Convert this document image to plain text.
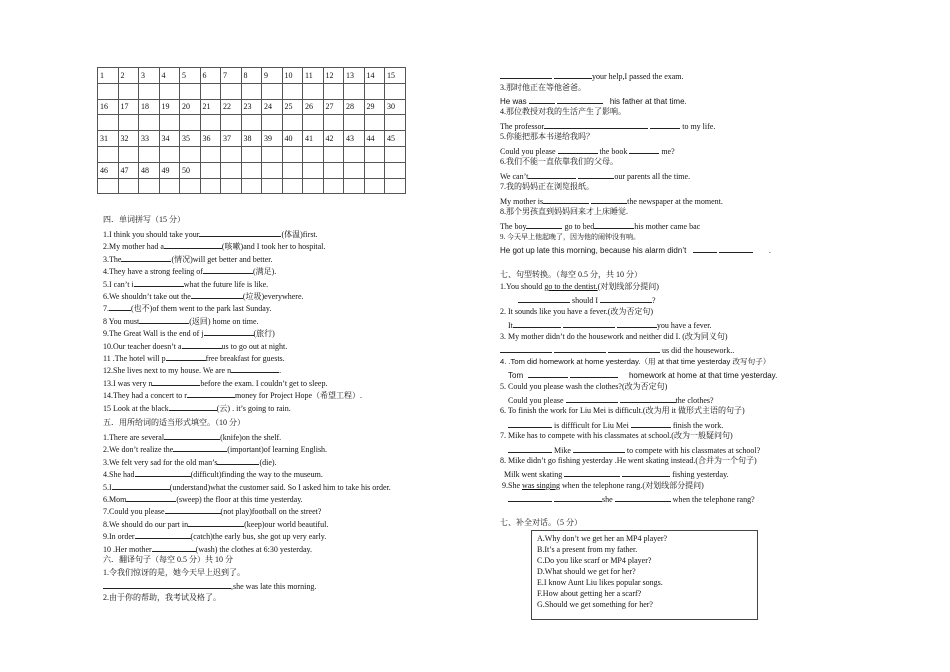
1	2	3	4	5	6	7	8	9	10	11	12	13	14	15

16	17	18	19	20	21	22	23	24	25	26	27	28	29	30

31	32	33	34	35	36	37	38	39	40	41	42	43	44	45

46	47	48	49	50										

四．单词拼写（15 分）
1.I think you should take your	(体温)first.
2.My mother had a	(咳嗽)and I took her to hospital.
3.The	(情况)will get better and better.
4.They have a strong feeling of	(满足).
5.I can’t i	what the future life is like.
6.We shouldn’t take out the	(垃圾)everywhere.
7.	(也不)of them went to the park last Sunday.
8 You must	(返回) home on time.
9.The Great Wall is the end of j	(旅行)
10.Our teacher doesn’t a	us to go out at night.
11 .The hotel will p	free breakfast for guests.
12.She lives next to my house. We are n	.
13.I was very n	before the exam. I couldn’t get to sleep.
14.They had a concert to r	money for Project Hope（希望工程）.
15 Look at the black	(云) . it’s going to rain.
五．用所给词的适当形式填空。（10 分）
1.There are several	(knife)on the shelf.
2.We don’t realize the	(important)of learning English.
3.We felt very sad for the old man’s	(die).
4.She had	(difficult)finding the way to the museum.
5.I	(understand)what the customer said. So I asked him to take his order.
6.Mom	(sweep) the floor at this time yesterday.
7.Could you please	(not play)football on the street?
8.We should do our part in	(keep)our world beautiful.
9.In order	(catch)the early bus, she got up very early.
10 .Her mother	(wash) the clothes at 6:30 yesterday.
六．翻译句子（每空 0.5 分）共 10 分
1.令我们惊讶的是，她今天早上迟到了。
,she was late this morning.
2.由于你的帮助，我考试及格了。
your help,I passed the exam.
3.那时他正在等他爸爸。
He was	his father at that time.
4.那位教授对我的生活产生了影响。
The professor	to my life.
5.你能把那本书递给我吗？
Could you please	the book	me?
6.我们不能一直依靠我们的父母。
We can’t	our parents all the time.
7.我的妈妈正在浏览报纸。
My mother is	the newspaper at the moment.
8.那个男孩直到妈妈回来才上床睡觉.
The boy	go to bed	his mother came bac
9. 今天早上他起晚了，因为他的闹钟没有响。
He got up late this morning, because his alarm didn’t	.
七、句型转换。（每空 0.5 分，共 10 分）
1.You should go to the dentist.(对划线部分提问)
should I	?
2. It sounds like you have a fever.(改为否定句)
It	you have a fever.
3. My mother didn’t do the housework and neither did I. (改为同义句)
us did the housework..
4. .Tom did homework at home yesterday.（用 at that time yesterday 改写句子）
Tom	homework at home at that time yesterday.
5. Could you please wash the clothes?(改为否定句)
Could you please	the clothes?
6. To finish the work for Liu Mei is difficult.(改为用 it 做形式主语的句子)
is diffficult for Liu Mei	finish the work.
7. Mike has to compete with his classmates at school.(改为一般疑问句)
Mike	to compete with his classmates at school?
8. Mike didn’t go fishing yesterday .He went skating instead.(合并为一个句子)
Milk went skating	fishing yesterday.
9.She was singing when the telephone rang.(对划线部分提问)
she	when the telephone rang?
七、补全对话。（5 分）
A.Why don’t we get her an MP4 player?
B.It’s a present from my father.
C.Do you like scarf or MP4 player?
D.What should we get for her?
E.I know Aunt Liu likes popular songs.
F.How about getting her a scarf?
G.Should we get something for her?
